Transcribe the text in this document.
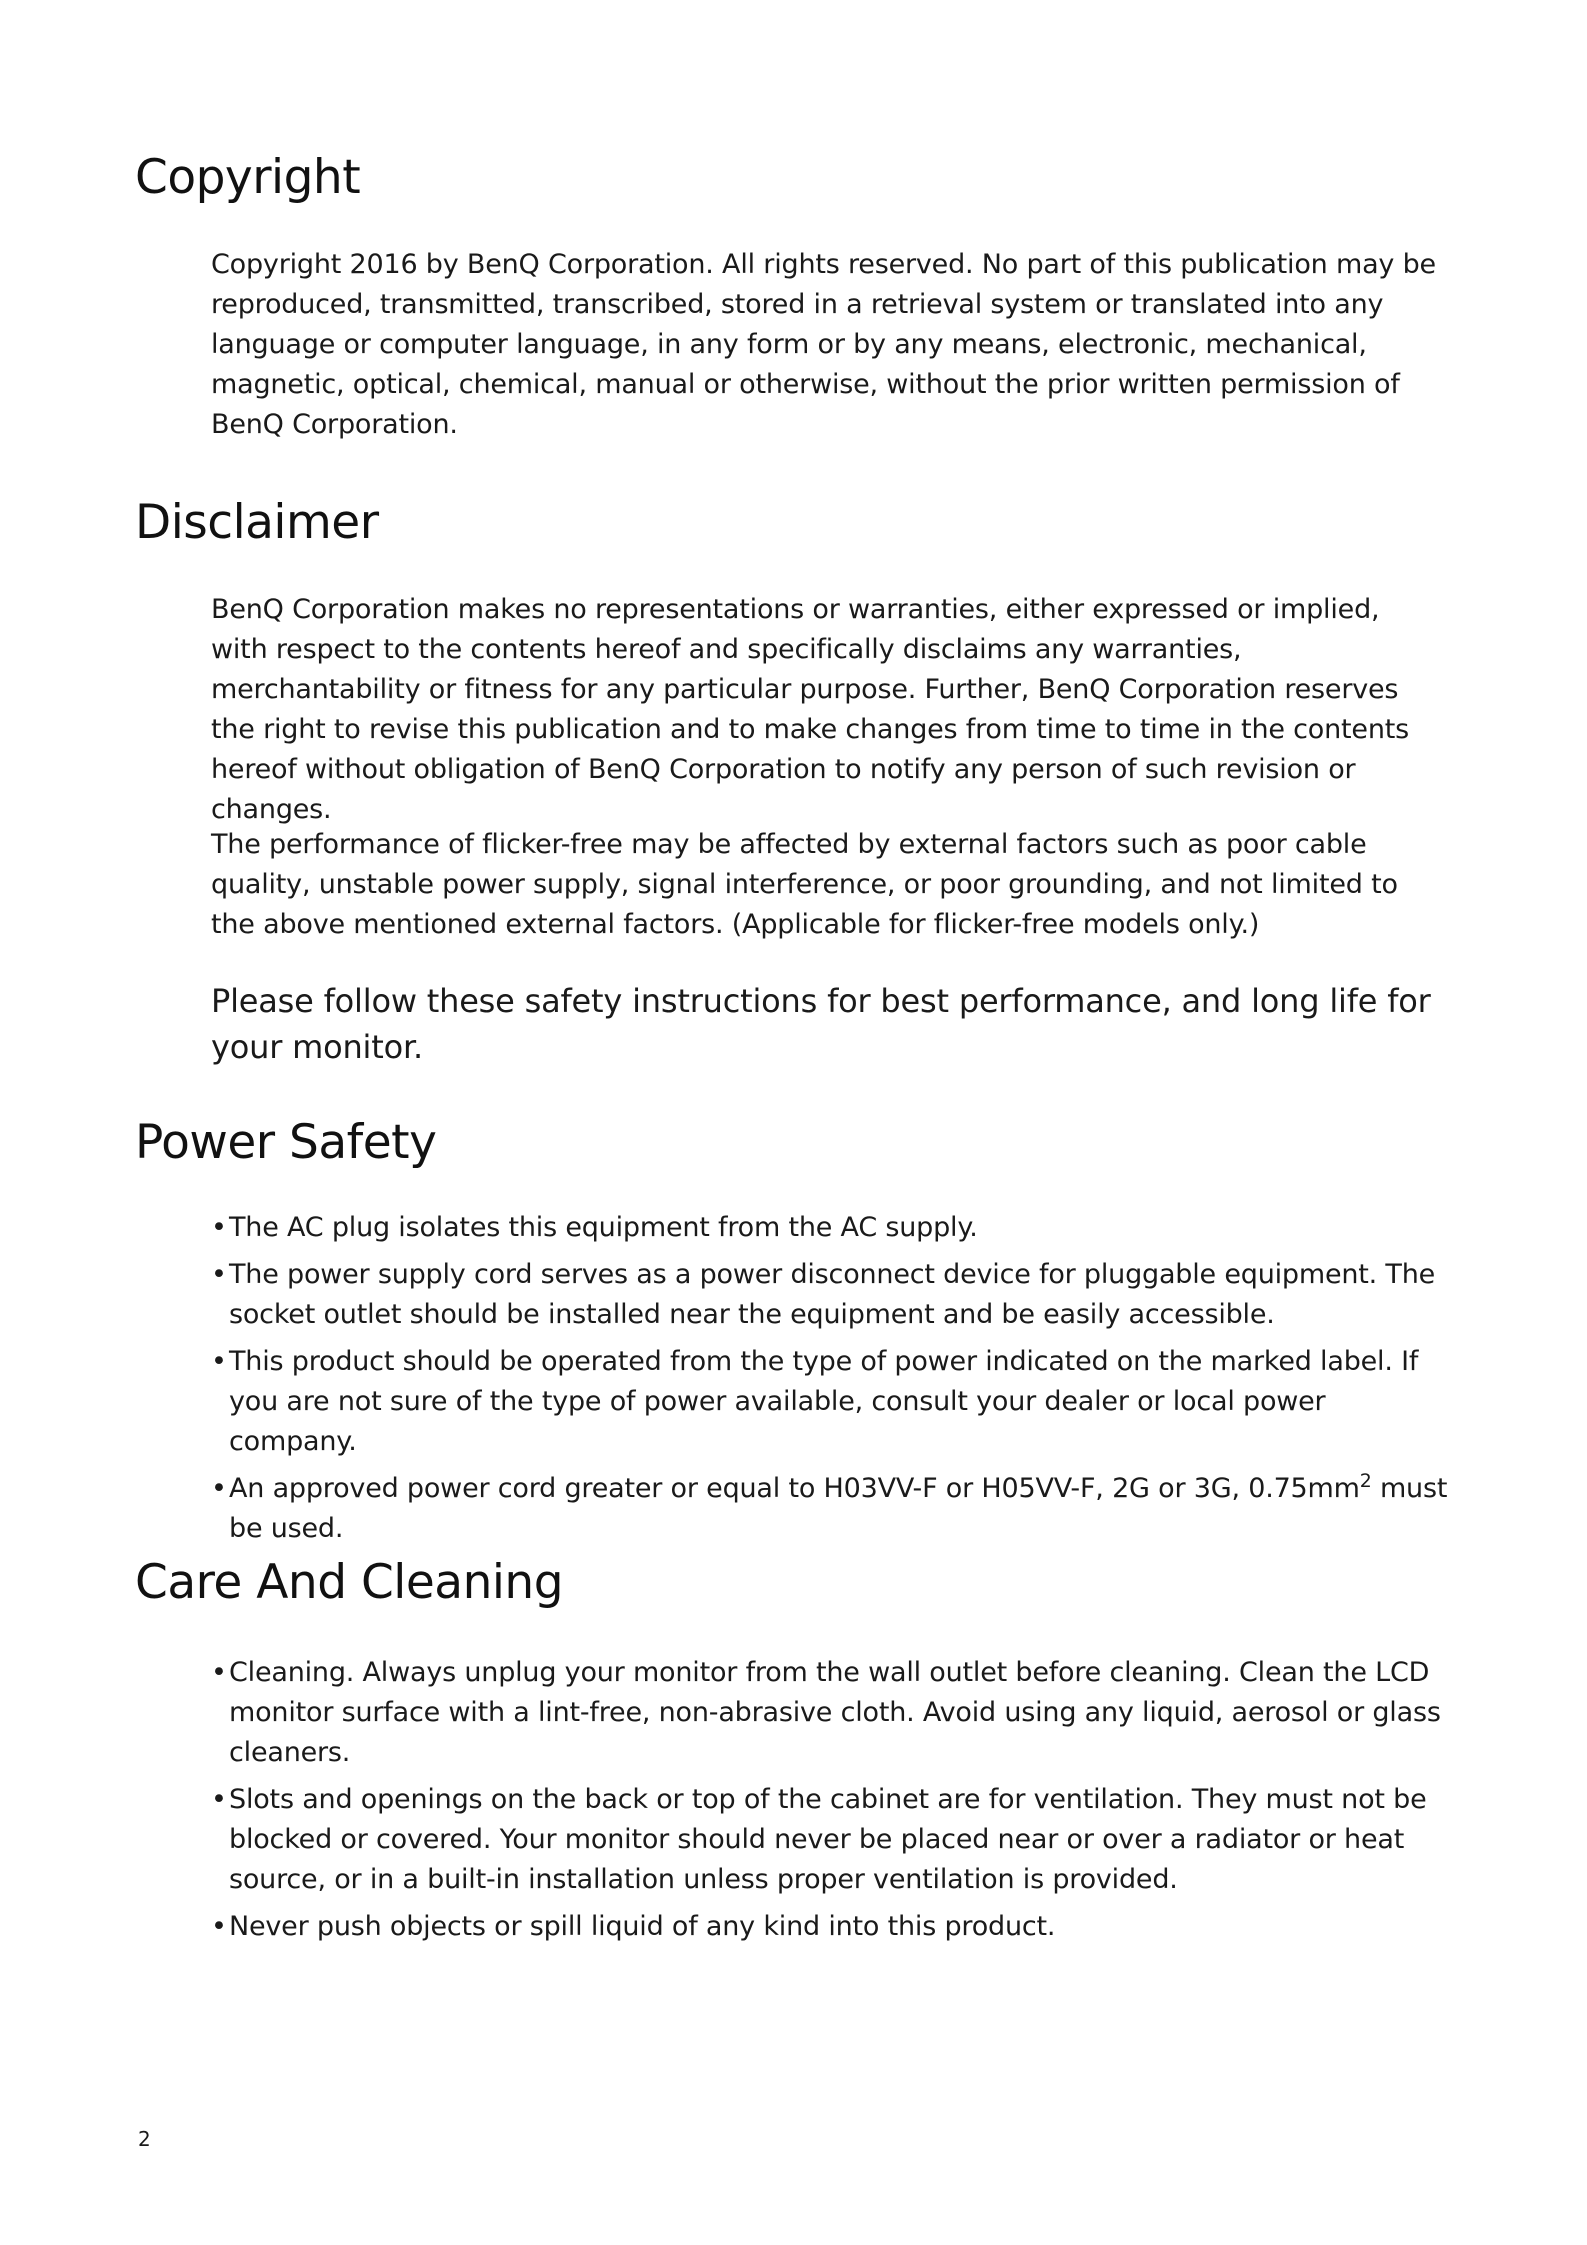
Copyright

Copyright 2016 by BenQ Corporation. All rights reserved. No part of this publication may be reproduced, transmitted, transcribed, stored in a retrieval system or translated into any language or computer language, in any form or by any means, electronic, mechanical, magnetic, optical, chemical, manual or otherwise, without the prior written permission of BenQ Corporation.

Disclaimer

BenQ Corporation makes no representations or warranties, either expressed or implied, with respect to the contents hereof and specifically disclaims any warranties, merchantability or fitness for any particular purpose. Further, BenQ Corporation reserves the right to revise this publication and to make changes from time to time in the contents hereof without obligation of BenQ Corporation to notify any person of such revision or changes.

The performance of flicker-free may be affected by external factors such as poor cable quality, unstable power supply, signal interference, or poor grounding, and not limited to the above mentioned external factors. (Applicable for flicker-free models only.)

Please follow these safety instructions for best performance, and long life for your monitor.

Power Safety
• The AC plug isolates this equipment from the AC supply.
• The power supply cord serves as a power disconnect device for pluggable equipment. The socket outlet should be installed near the equipment and be easily accessible.
• This product should be operated from the type of power indicated on the marked label. If you are not sure of the type of power available, consult your dealer or local power company.
• An approved power cord greater or equal to H03VV-F or H05VV-F, 2G or 3G, $0.75mm^2$ must be used.
Care And Cleaning
• Cleaning. Always unplug your monitor from the wall outlet before cleaning. Clean the LCD monitor surface with a lint-free, non-abrasive cloth. Avoid using any liquid, aerosol or glass cleaners.
• Slots and openings on the back or top of the cabinet are for ventilation. They must not be blocked or covered. Your monitor should never be placed near or over a radiator or heat source, or in a built-in installation unless proper ventilation is provided.
• Never push objects or spill liquid of any kind into this product.
2
